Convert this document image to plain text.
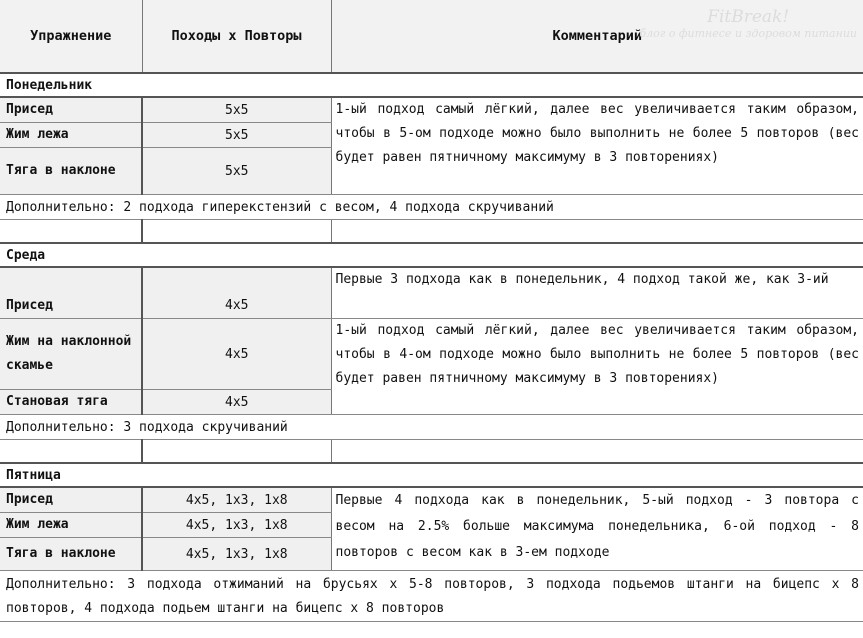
Упражнение	Походы х Повторы	Комментарий
FitBreak!
блог о фитнесе и здоровом питании

Понедельник		
Присед	5x5	1-ый подход самый лёгкий, далее вес увеличивается таким образом, чтобы в 5-ом подходе можно было выполнить не более 5 повторов (вес будет равен пятничному максимуму в 3 повторениях)
Жим лежа	5x5	
Тяга в наклоне	5x5	
Дополнительно: 2 подхода гиперекстензий с весом, 4 подхода скручиваний		

Среда		
Присед	4x5	Первые 3 подхода как в понедельник, 4 подход такой же, как 3-ий
Жим на наклонной скамье	4x5	1-ый подход самый лёгкий, далее вес увеличивается таким образом, чтобы в 4-ом подходе можно было выполнить не более 5 повторов (вес будет равен пятничному максимуму в 3 повторениях)
Становая тяга	4x5	
Дополнительно: 3 подхода скручиваний		

Пятница		
Присед	4x5, 1x3, 1x8	Первые 4 подхода как в понедельник, 5-ый подход - 3 повтора с весом на 2.5% больше максимума понедельника, 6-ой подход - 8 повторов с весом как в 3-ем подходе
Жим лежа	4x5, 1x3, 1x8	
Тяга в наклоне	4x5, 1x3, 1x8	
Дополнительно: 3 подхода отжиманий на брусьях х 5-8 повторов, 3 подхода подьемов штанги на бицепс х 8 повторов, 4 подхода подьем штанги на бицепс х 8 повторов		
